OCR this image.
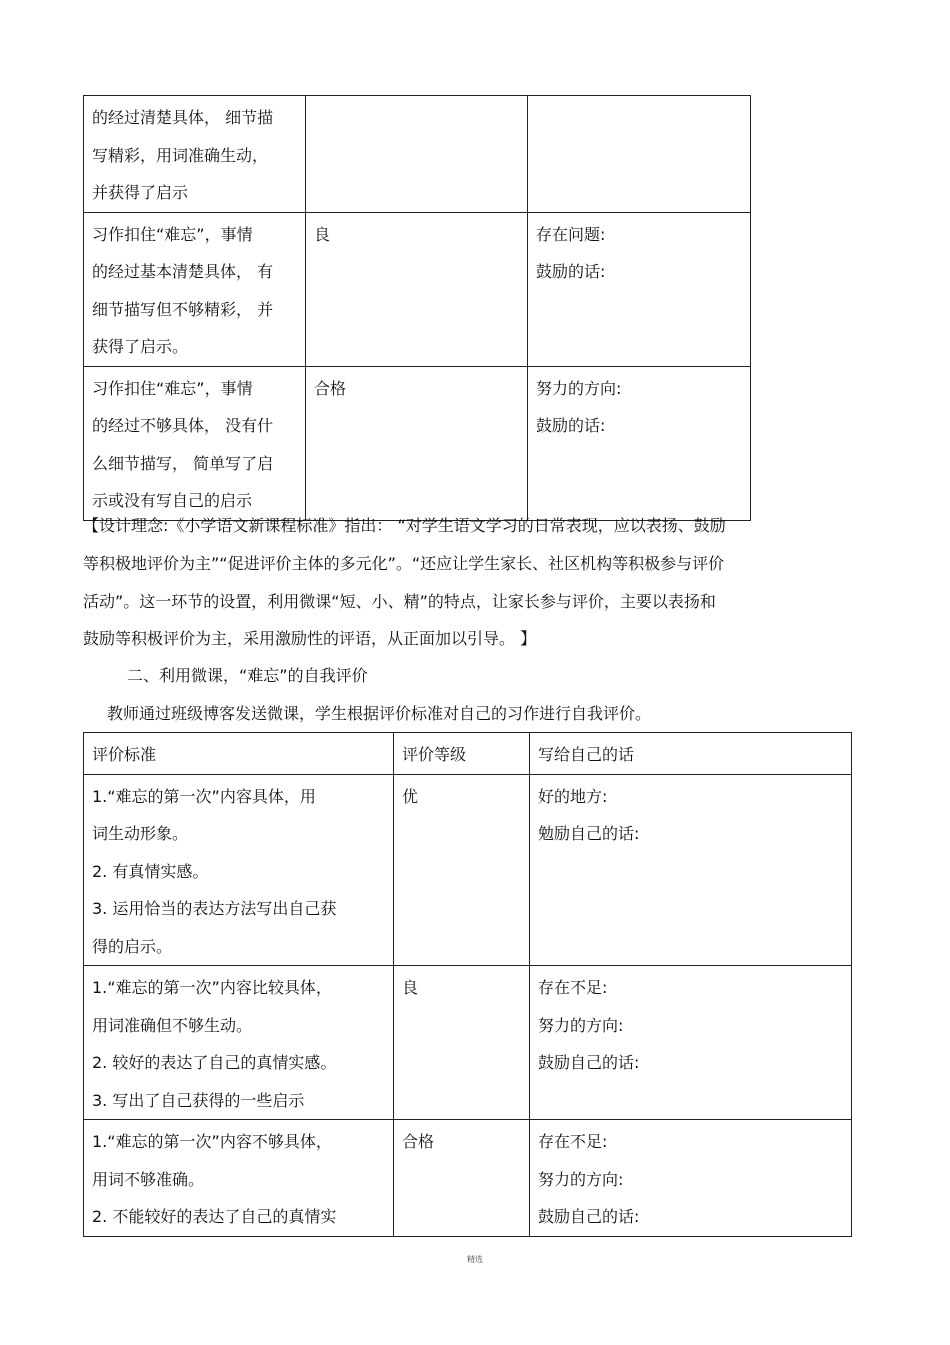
的经过清楚具体， 细节描
写精彩，用词准确生动，
并获得了启示		

习作扣住“难忘”，事情
的经过基本清楚具体， 有
细节描写但不够精彩， 并
获得了启示。	良	存在问题:
鼓励的话:

习作扣住“难忘”，事情
的经过不够具体， 没有什
么细节描写， 简单写了启
示或没有写自己的启示	合格	努力的方向:
鼓励的话:
【设计理念:《小学语文新课程标准》指出： “对学生语文学习的日常表现，应以表扬、鼓励
等积极地评价为主”“促进评价主体的多元化”。“还应让学生家长、社区机构等积极参与评价
活动”。这一环节的设置，利用微课“短、小、精”的特点，让家长参与评价，主要以表扬和
鼓励等积极评价为主，采用激励性的评语，从正面加以引导。 】
二、利用微课，“难忘”的自我评价
教师通过班级博客发送微课，学生根据评价标准对自己的习作进行自我评价。
评价标准	评价等级	写给自己的话

1.“难忘的第一次”内容具体，用
词生动形象。
2. 有真情实感。
3. 运用恰当的表达方法写出自己获
得的启示。	优	好的地方:
勉励自己的话:

1.“难忘的第一次”内容比较具体，
用词准确但不够生动。
2. 较好的表达了自己的真情实感。
3. 写出了自己获得的一些启示	良	存在不足:
努力的方向:
鼓励自己的话:

1.“难忘的第一次”内容不够具体，
用词不够准确。
2. 不能较好的表达了自己的真情实	合格	存在不足:
努力的方向:
鼓励自己的话:
精选
